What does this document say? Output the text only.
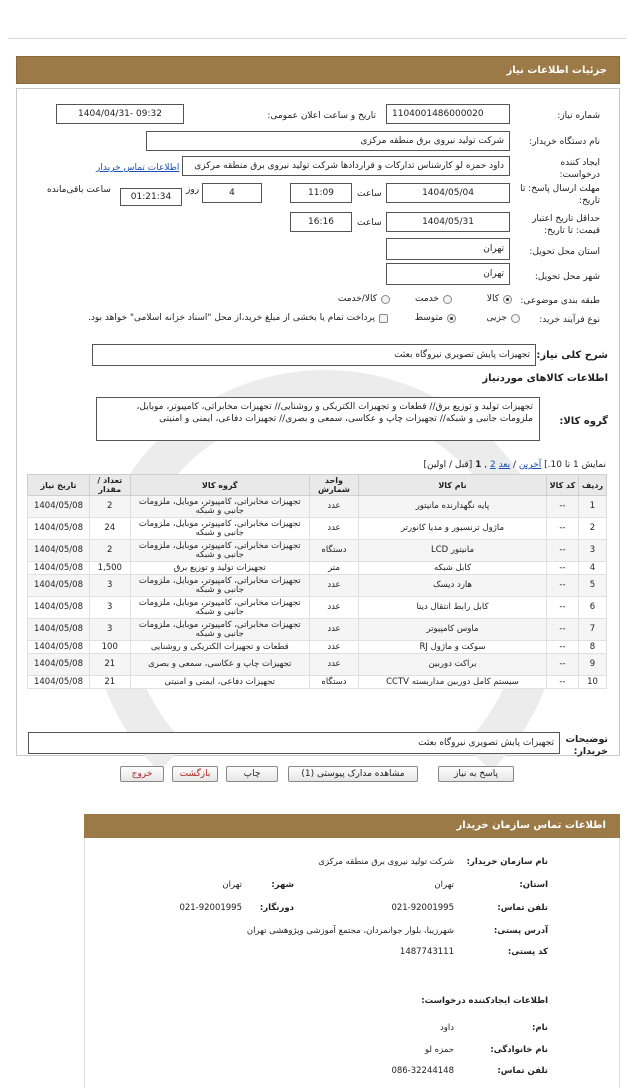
جزئیات اطلاعات نیاز
شماره نیاز:
1104001486000020
تاریخ و ساعت اعلان عمومی:
1404/04/31- 09:32
نام دستگاه خریدار:
شرکت تولید نیروی برق منطقه مرکزی
ایجاد کننده درخواست:
داود حمزه لو کارشناس تدارکات و قراردادها شرکت تولید نیروی برق منطقه مرکزی
اطلاعات تماس خریدار
مهلت ارسال پاسخ: تا تاریخ:
1404/05/04
ساعت
11:09
4
روز
01:21:34
ساعت باقی‌مانده
حداقل تاریخ اعتبار قیمت: تا تاریخ:
1404/05/31
ساعت
16:16
استان محل تحویل:
تهران
شهر محل تحویل:
تهران
طبقه بندی موضوعی:
کالا
خدمت
کالا/خدمت
نوع فرآیند خرید:
جزیی
متوسط
پرداخت تمام یا بخشی از مبلغ خرید،از محل "اسناد خزانه اسلامی" خواهد بود.
شرح کلی نیاز:
تجهیزات پایش تصویری نیروگاه بعثت
اطلاعات کالاهای موردنیاز
گروه کالا:
تجهیزات تولید و توزیع برق// قطعات و تجهیزات الکتریکی و روشنایی// تجهیزات مخابراتی، کامپیوتر، موبایل، ملزومات جانبی و شبکه// تجهیزات چاپ و عکاسی، سمعی و بصری// تجهیزات دفاعی، ایمنی و امنیتی
نمایش 1 تا 10.] آخرین / بعد 2 , 1 [قبل / اولین]
ردیف	کد کالا	نام کالا	واحد شمارش	گروه کالا	تعداد / مقدار	تاریخ نیاز
1	--	پایه نگهدارنده مانیتور	عدد	تجهیزات مخابراتی، کامپیوتر، موبایل، ملزومات جانبی و شبکه	2	1404/05/08
2	--	ماژول ترنسیور و مدیا کانورتر	عدد	تجهیزات مخابراتی، کامپیوتر، موبایل، ملزومات جانبی و شبکه	24	1404/05/08
3	--	مانیتور LCD	دستگاه	تجهیزات مخابراتی، کامپیوتر، موبایل، ملزومات جانبی و شبکه	2	1404/05/08
4	--	کابل شبکه	متر	تجهیزات تولید و توزیع برق	1,500	1404/05/08
5	--	هارد دیسک	عدد	تجهیزات مخابراتی، کامپیوتر، موبایل، ملزومات جانبی و شبکه	3	1404/05/08
6	--	کابل رابط انتقال دیتا	عدد	تجهیزات مخابراتی، کامپیوتر، موبایل، ملزومات جانبی و شبکه	3	1404/05/08
7	--	ماوس کامپیوتر	عدد	تجهیزات مخابراتی، کامپیوتر، موبایل، ملزومات جانبی و شبکه	3	1404/05/08
8	--	سوکت و ماژول RJ	عدد	قطعات و تجهیزات الکتریکی و روشنایی	100	1404/05/08
9	--	براکت دوربین	عدد	تجهیزات چاپ و عکاسی، سمعی و بصری	21	1404/05/08
10	--	سیستم کامل دوربین مداربسته CCTV	دستگاه	تجهیزات دفاعی، ایمنی و امنیتی	21	1404/05/08
توضیحات خریدار:
تجهیزات پایش تصویری نیروگاه بعثت
پاسخ به نیاز
مشاهده مدارک پیوستی (1)
چاپ
بازگشت
خروج
اطلاعات تماس سازمان خریدار
نام سازمان خریدار:
شرکت تولید نیروی برق منطقه مرکزی
استان:
تهران
شهر:
تهران
تلفن تماس:
021-92001995
دورنگار:
021-92001995
آدرس پستی:
شهرزیبا، بلوار جوانمردان، مجتمع آموزشی وپژوهشی تهران
کد پستی:
1487743111
اطلاعات ایجادکننده درخواست:
نام:
داود
نام خانوادگی:
حمزه لو
تلفن تماس:
086-32244148
